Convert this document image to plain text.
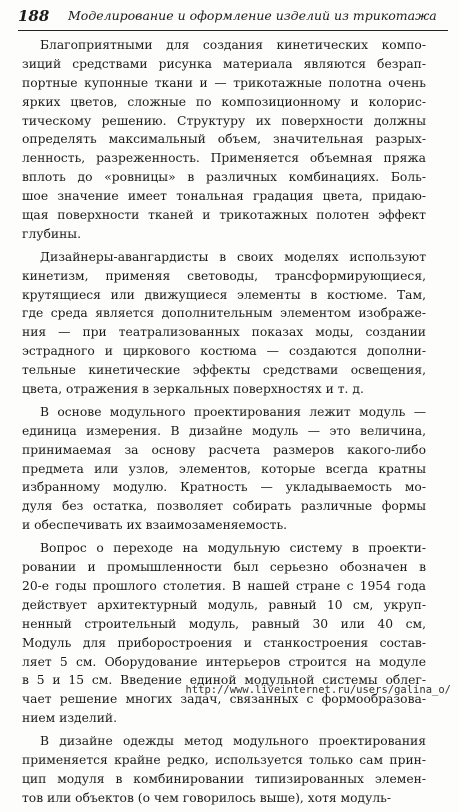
188 Моделирование и оформление изделий из трикотажа
Благоприятными для создания кинетических компо-
зиций средствами рисунка материала являются безрап-
портные купонные ткани и — трикотажные полотна очень
ярких цветов, сложные по композиционному и колорис-
тическому решению. Структуру их поверхности должны
определять максимальный объем, значительная разрых-
ленность, разреженность. Применяется объемная пряжа
вплоть до «ровницы» в различных комбинациях. Боль-
шое значение имеет тональная градация цвета, придаю-
щая поверхности тканей и трикотажных полотен эффект
глубины.
Дизайнеры-авангардисты в своих моделях используют
кинетизм, применяя световоды, трансформирующиеся,
крутящиеся или движущиеся элементы в костюме. Там,
где среда является дополнительным элементом изображе-
ния — при театрализованных показах моды, создании
эстрадного и циркового костюма — создаются дополни-
тельные кинетические эффекты средствами освещения,
цвета, отражения в зеркальных поверхностях и т. д.
В основе модульного проектирования лежит модуль —
единица измерения. В дизайне модуль — это величина,
принимаемая за основу расчета размеров какого-либо
предмета или узлов, элементов, которые всегда кратны
избранному модулю. Кратность — укладываемость мо-
дуля без остатка, позволяет собирать различные формы
и обеспечивать их взаимозаменяемость.
Вопрос о переходе на модульную систему в проекти-
ровании и промышленности был серьезно обозначен в
20-е годы прошлого столетия. В нашей стране с 1954 года
действует архитектурный модуль, равный 10 см, укруп-
ненный строительный модуль, равный 30 или 40 см,
Модуль для приборостроения и станкостроения состав-
ляет 5 см. Оборудование интерьеров строится на модуле
в 5 и 15 см. Введение единой модульной системы облег-
чает решение многих задач, связанных с формообразова-
нием изделий.
В дизайне одежды метод модульного проектирования
применяется крайне редко, используется только сам прин-
цип модуля в комбинировании типизированных элемен-
тов или объектов (о чем говорилось выше), хотя модуль-
http://www.liveinternet.ru/users/galina_o/
